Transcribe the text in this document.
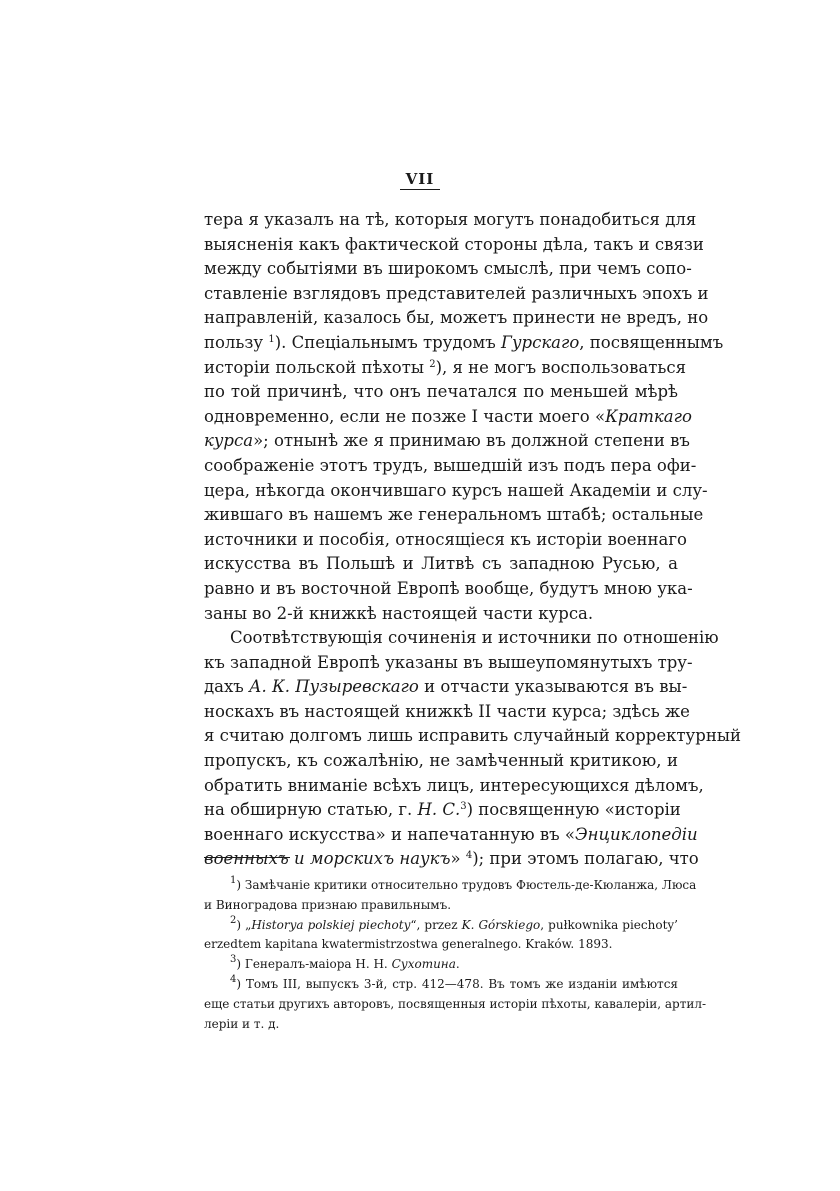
VII
тера я указалъ на тѣ, которыя могутъ понадобиться для
выясненія какъ фактической стороны дѣла, такъ и связи
между событіями въ широкомъ смыслѣ, при чемъ сопо-
ставленіе взглядовъ представителей различныхъ эпохъ и
направленій, казалось бы, можетъ принести не вредъ, но
пользу $^1$). Спеціальнымъ трудомъ Гурскаго, посвященнымъ
исторіи польской пѣхоты $^2$), я не могъ воспользоваться
по той причинѣ, что онъ печатался по меньшей мѣрѣ
одновременно, если не позже I части моего «Краткаго
курса»; отнынѣ же я принимаю въ должной степени въ
соображеніе этотъ трудъ, вышедшій изъ подъ пера офи-
цера, нѣкогда окончившаго курсъ нашей Академіи и слу-
жившаго въ нашемъ же генеральномъ штабѣ; остальные
источники и пособія, относящіеся къ исторіи военнаго
искусства въ Польшѣ и Литвѣ съ западною Русью, а
равно и въ восточной Европѣ вообще, будутъ мною ука-
заны во 2-й книжкѣ настоящей части курса.
Соотвѣтствующія сочиненія и источники по отношенію
къ западной Европѣ указаны въ вышеупомянутыхъ тру-
дахъ А. К. Пузыревскаго и отчасти указываются въ вы-
носкахъ въ настоящей книжкѣ II части курса; здѣсь же
я считаю долгомъ лишь исправить случайный корректурный
пропускъ, къ сожалѣнію, не замѣченный критикою, и
обратить вниманіе всѣхъ лицъ, интересующихся дѣломъ,
на обширную статью, г. Н. С.$^3$) посвященную «исторіи
военнаго искусства» и напечатанную въ «Энциклопедіи
военныхъ и морскихъ наукъ» $^4$); при этомъ полагаю, что
$^1$) Замѣчаніе критики относительно трудовъ Фюстель-де-Кюланжа, Люса
и Виноградова признаю правильнымъ.
$^2$) „Historya polskiej piechoty“, przez K. Górskiego, pułkownika piechoty’
erzedtem kapitana kwatermistrzostwa generalnego. Kraków. 1893.
$^3$) Генералъ-маіора Н. Н. Сухотина.
$^4$) Томъ III, выпускъ 3-й, стр. 412—478. Въ томъ же изданіи имѣются
еще статьи другихъ авторовъ, посвященныя исторіи пѣхоты, кавалеріи, артил-
леріи и т. д.
